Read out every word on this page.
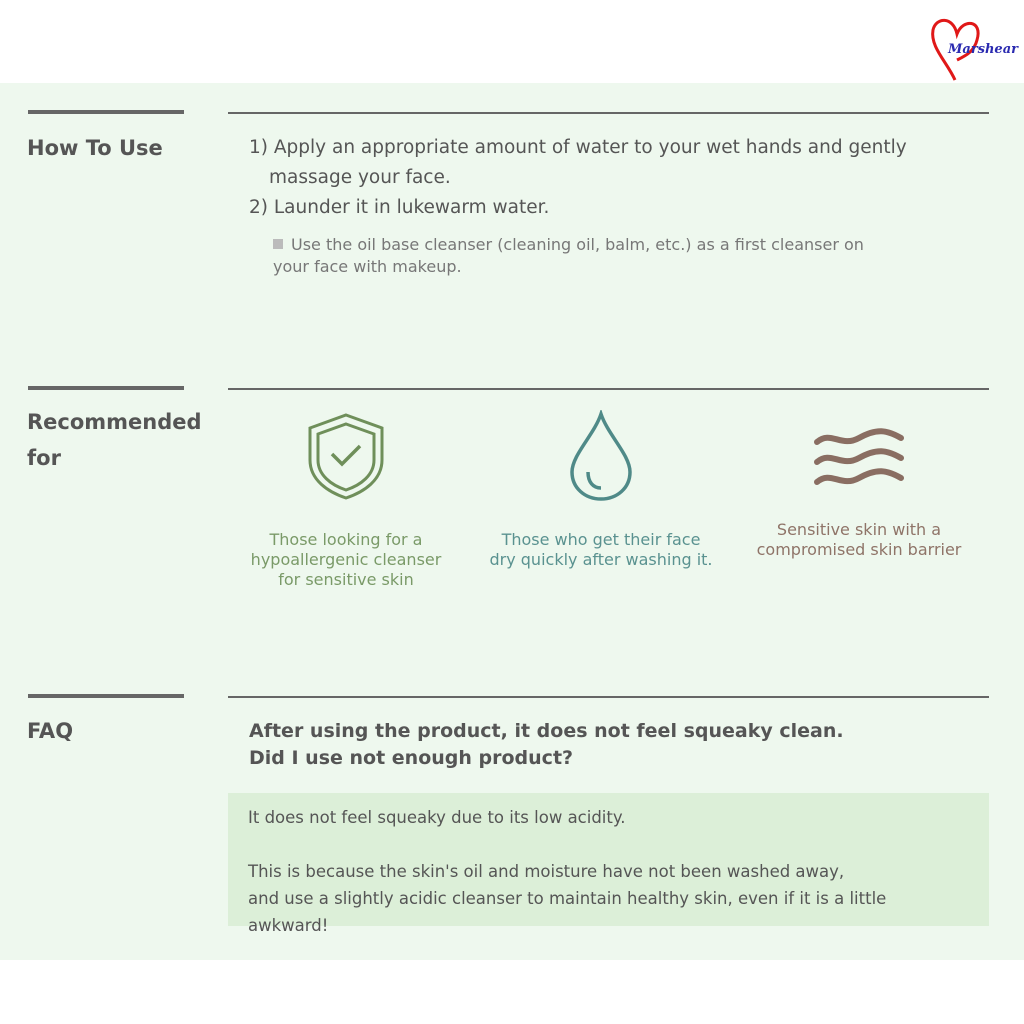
Marshear
How To Use	1) Apply an appropriate amount of water to your wet hands and gently
massage your face.
2) Launder it in lukewarm water.
Use the oil base cleanser (cleaning oil, balm, etc.) as a first cleanser on your face with makeup.
Recommended
for
Those looking for a
hypoallergenic cleanser
for sensitive skin
Those who get their face
dry quickly after washing it.
Sensitive skin with a
compromised skin barrier
FAQ	After using the product, it does not feel squeaky clean.
Did I use not enough product?
It does not feel squeaky due to its low acidity.

This is because the skin's oil and moisture have not been washed away,
and use a slightly acidic cleanser to maintain healthy skin, even if it is a little awkward!
